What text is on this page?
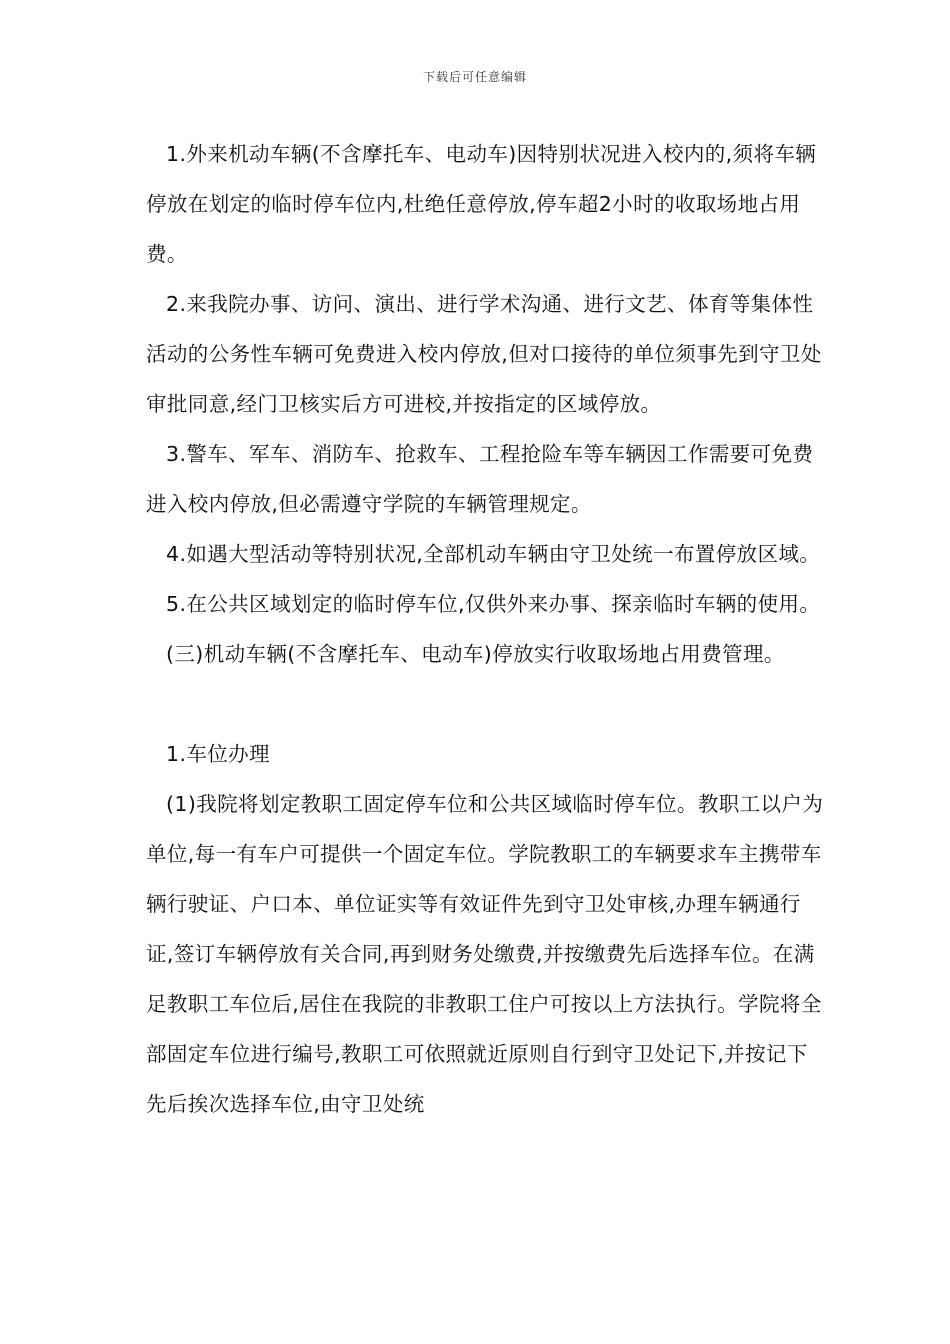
下载后可任意编辑

1.外来机动车辆(不含摩托车、电动车)因特别状况进入校内的,须将车辆停放在划定的临时停车位内,杜绝任意停放,停车超2小时的收取场地占用费。

2.来我院办事、访问、演出、进行学术沟通、进行文艺、体育等集体性活动的公务性车辆可免费进入校内停放,但对口接待的单位须事先到守卫处审批同意,经门卫核实后方可进校,并按指定的区域停放。

3.警车、军车、消防车、抢救车、工程抢险车等车辆因工作需要可免费进入校内停放,但必需遵守学院的车辆管理规定。

4.如遇大型活动等特别状况,全部机动车辆由守卫处统一布置停放区域。

5.在公共区域划定的临时停车位,仅供外来办事、探亲临时车辆的使用。

(三)机动车辆(不含摩托车、电动车)停放实行收取场地占用费管理。

1.车位办理

(1)我院将划定教职工固定停车位和公共区域临时停车位。教职工以户为单位,每一有车户可提供一个固定车位。学院教职工的车辆要求车主携带车辆行驶证、户口本、单位证实等有效证件先到守卫处审核,办理车辆通行证,签订车辆停放有关合同,再到财务处缴费,并按缴费先后选择车位。在满足教职工车位后,居住在我院的非教职工住户可按以上方法执行。学院将全部固定车位进行编号,教职工可依照就近原则自行到守卫处记下,并按记下先后挨次选择车位,由守卫处统
